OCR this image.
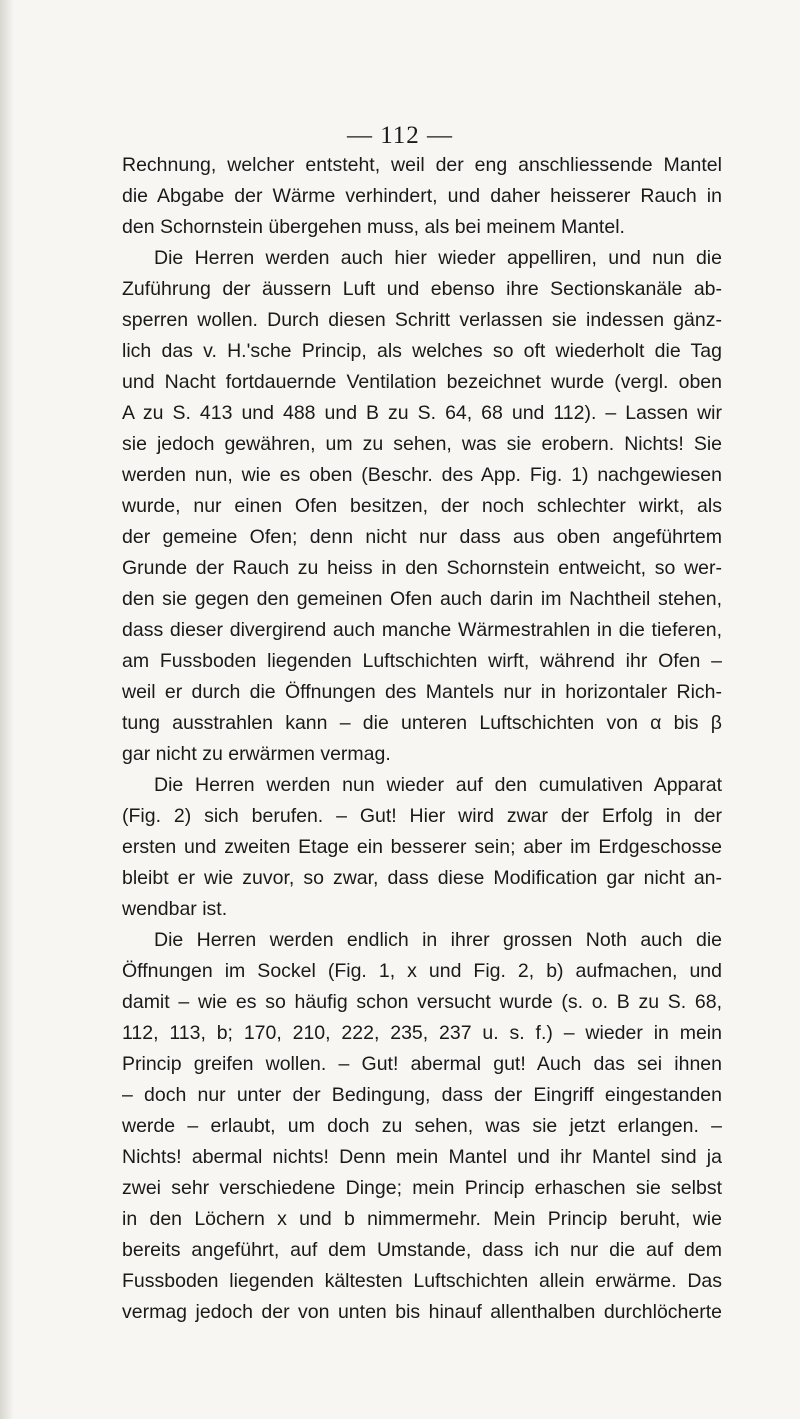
— 112 —
Rechnung, welcher entsteht, weil der eng anschliessende Mantel
die Abgabe der Wärme verhindert, und daher heisserer Rauch in
den Schornstein übergehen muss, als bei meinem Mantel.
Die Herren werden auch hier wieder appelliren, und nun die
Zuführung der äussern Luft und ebenso ihre Sectionskanäle ab-
sperren wollen. Durch diesen Schritt verlassen sie indessen gänz-
lich das v. H.'sche Princip, als welches so oft wiederholt die Tag
und Nacht fortdauernde Ventilation bezeichnet wurde (vergl. oben
A zu S. 413 und 488 und B zu S. 64, 68 und 112). – Lassen wir
sie jedoch gewähren, um zu sehen, was sie erobern. Nichts! Sie
werden nun, wie es oben (Beschr. des App. Fig. 1) nachgewiesen
wurde, nur einen Ofen besitzen, der noch schlechter wirkt, als
der gemeine Ofen; denn nicht nur dass aus oben angeführtem
Grunde der Rauch zu heiss in den Schornstein entweicht, so wer-
den sie gegen den gemeinen Ofen auch darin im Nachtheil stehen,
dass dieser divergirend auch manche Wärmestrahlen in die tieferen,
am Fussboden liegenden Luftschichten wirft, während ihr Ofen –
weil er durch die Öffnungen des Mantels nur in horizontaler Rich-
tung ausstrahlen kann – die unteren Luftschichten von α bis β
gar nicht zu erwärmen vermag.
Die Herren werden nun wieder auf den cumulativen Apparat
(Fig. 2) sich berufen. – Gut! Hier wird zwar der Erfolg in der
ersten und zweiten Etage ein besserer sein; aber im Erdgeschosse
bleibt er wie zuvor, so zwar, dass diese Modification gar nicht an-
wendbar ist.
Die Herren werden endlich in ihrer grossen Noth auch die
Öffnungen im Sockel (Fig. 1, x und Fig. 2, b) aufmachen, und
damit – wie es so häufig schon versucht wurde (s. o. B zu S. 68,
112, 113, b; 170, 210, 222, 235, 237 u. s. f.) – wieder in mein
Princip greifen wollen. – Gut! abermal gut! Auch das sei ihnen
– doch nur unter der Bedingung, dass der Eingriff eingestanden
werde – erlaubt, um doch zu sehen, was sie jetzt erlangen. –
Nichts! abermal nichts! Denn mein Mantel und ihr Mantel sind ja
zwei sehr verschiedene Dinge; mein Princip erhaschen sie selbst
in den Löchern x und b nimmermehr. Mein Princip beruht, wie
bereits angeführt, auf dem Umstande, dass ich nur die auf dem
Fussboden liegenden kältesten Luftschichten allein erwärme. Das
vermag jedoch der von unten bis hinauf allenthalben durchlöcherte
